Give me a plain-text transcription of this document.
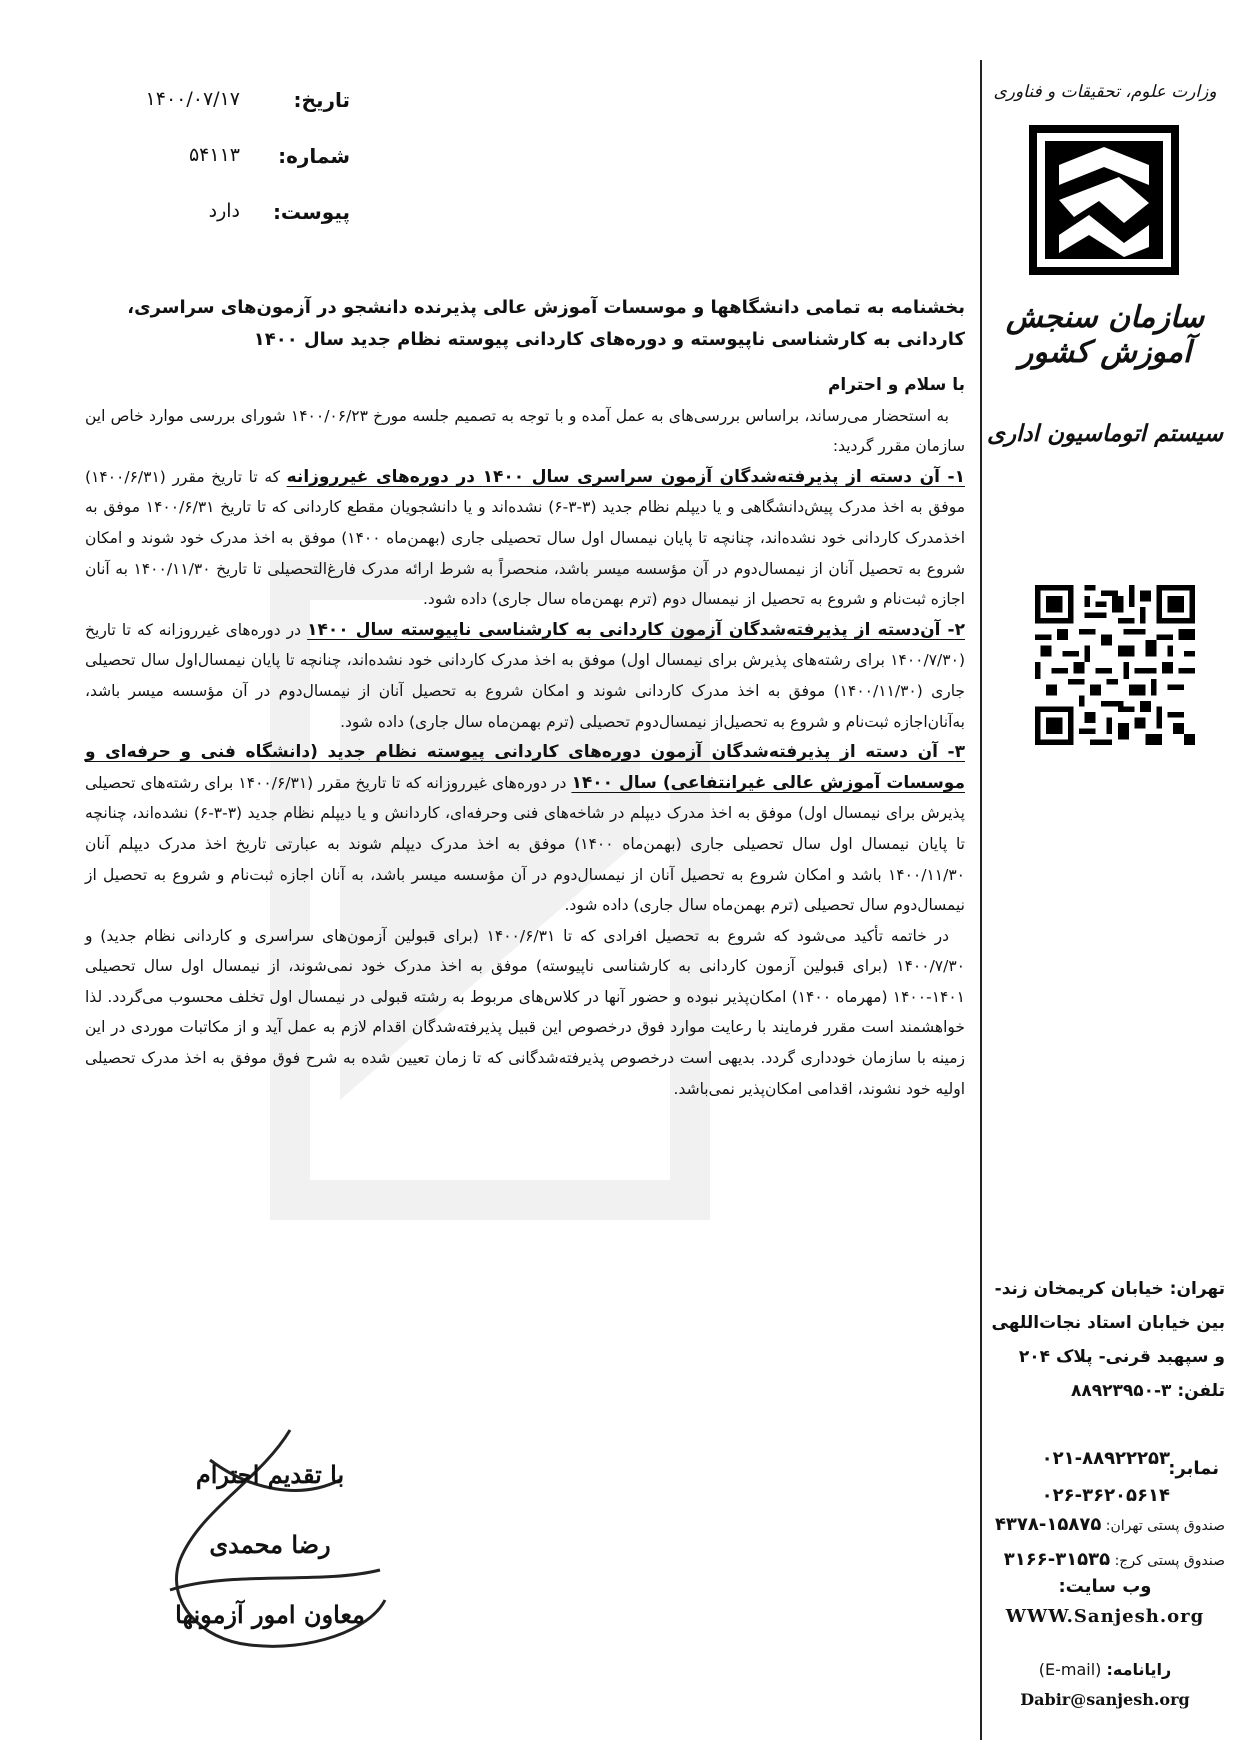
تاریخ:
۱۴۰۰/۰۷/۱۷
شماره:
۵۴۱۱۳
پیوست:
دارد

بخشنامه به تمامی دانشگاهها و موسسات آموزش عالی پذیرنده دانشجو در آزمون‌های سراسری، کاردانی به کارشناسی ناپیوسته و دوره‌های کاردانی پیوسته نظام جدید سال ۱۴۰۰

با سلام و احترام

به استحضار می‌رساند، براساس بررسی‌های به عمل آمده و با توجه به تصمیم جلسه مورخ ۱۴۰۰/۰۶/۲۳ شورای بررسی موارد خاص این سازمان مقرر گردید:

۱- آن دسته از پذیرفته‌شدگان آزمون سراسری سال ۱۴۰۰ در دوره‌های غیرروزانه که تا تاریخ مقرر (۱۴۰۰/۶/۳۱) موفق به اخذ مدرک پیش‌دانشگاهی و یا دیپلم نظام جدید (۳-۳-۶) نشده‌اند و یا دانشجویان مقطع کاردانی که تا تاریخ ۱۴۰۰/۶/۳۱ موفق به اخذمدرک کاردانی خود نشده‌اند، چنانچه تا پایان نیمسال اول سال تحصیلی جاری (بهمن‌ماه ۱۴۰۰) موفق به اخذ مدرک خود شوند و امکان شروع به تحصیل آنان از نیمسال‌دوم در آن مؤسسه میسر باشد، منحصراً به شرط ارائه مدرک فارغ‌التحصیلی تا تاریخ ۱۴۰۰/۱۱/۳۰ به آنان اجازه ثبت‌نام و شروع به تحصیل از نیمسال دوم (ترم بهمن‌ماه سال جاری) داده شود.

۲- آن‌دسته از پذیرفته‌شدگان آزمون کاردانی به کارشناسی ناپیوسته سال ۱۴۰۰ در دوره‌های غیرروزانه که تا تاریخ (۱۴۰۰/۷/۳۰ برای رشته‌های پذیرش برای نیمسال اول) موفق به اخذ مدرک کاردانی خود نشده‌اند، چنانچه تا پایان نیمسال‌اول سال تحصیلی جاری (۱۴۰۰/۱۱/۳۰) موفق به اخذ مدرک کاردانی شوند و امکان شروع به تحصیل آنان از نیمسال‌دوم در آن مؤسسه میسر باشد، به‌آنان‌اجازه ثبت‌نام و شروع به تحصیل‌از نیمسال‌دوم تحصیلی (ترم بهمن‌ماه سال جاری) داده شود.

۳- آن دسته از پذیرفته‌شدگان آزمون دوره‌های کاردانی پیوسته نظام جدید (دانشگاه فنی و حرفه‌ای و موسسات آموزش عالی غیرانتفاعی) سال ۱۴۰۰ در دوره‌های غیرروزانه که تا تاریخ مقرر (۱۴۰۰/۶/۳۱ برای رشته‌های تحصیلی پذیرش برای نیمسال اول) موفق به اخذ مدرک دیپلم در شاخه‌های فنی وحرفه‌ای، کاردانش و یا دیپلم نظام جدید (۳-۳-۶) نشده‌اند، چنانچه تا پایان نیمسال اول سال تحصیلی جاری (بهمن‌ماه ۱۴۰۰) موفق به اخذ مدرک دیپلم شوند به عبارتی تاریخ اخذ مدرک دیپلم آنان ۱۴۰۰/۱۱/۳۰ باشد و امکان شروع به تحصیل آنان از نیمسال‌دوم در آن مؤسسه میسر باشد، به آنان اجازه ثبت‌نام و شروع به تحصیل از نیمسال‌دوم سال تحصیلی (ترم بهمن‌ماه سال جاری) داده شود.

در خاتمه تأکید می‌شود که شروع به تحصیل افرادی که تا ۱۴۰۰/۶/۳۱ (برای قبولین آزمون‌های سراسری و کاردانی نظام جدید) و ۱۴۰۰/۷/۳۰ (برای قبولین آزمون کاردانی به کارشناسی ناپیوسته) موفق به اخذ مدرک خود نمی‌شوند، از نیمسال اول سال تحصیلی ۱۴۰۱-۱۴۰۰ (مهرماه ۱۴۰۰) امکان‌پذیر نبوده و حضور آنها در کلاس‌های مربوط به رشته قبولی در نیمسال اول تخلف محسوب می‌گردد. لذا خواهشمند است مقرر فرمایند با رعایت موارد فوق درخصوص این قبیل پذیرفته‌شدگان اقدام لازم به عمل آید و از مکاتبات موردی در این زمینه با سازمان خودداری گردد. بدیهی است درخصوص پذیرفته‌شدگانی که تا زمان تعیین شده به شرح فوق موفق به اخذ مدرک تحصیلی اولیه خود نشوند، اقدامی امکان‌پذیر نمی‌باشد.

با تقدیم احترام
رضا محمدی
معاون امور آزمونها
وزارت علوم، تحقیقات و فناوری
سازمان سنجش آموزش کشور
سیستم اتوماسیون اداری
تهران: خیابان کریمخان زند-
بین خیابان استاد نجات‌اللهی
و سپهبد قرنی- پلاک ۲۰۴
تلفن: ۳-۸۸۹۲۳۹۵۰
نمابر:
۰۲۱-۸۸۹۲۲۲۵۳
۰۲۶-۳۶۲۰۵۶۱۴
صندوق پستی تهران: ۱۵۸۷۵-۴۳۷۸
صندوق پستی کرج: ۳۱۵۳۵-۳۱۶۶
وب سایت:
WWW.Sanjesh.org
رایانامه: (E-mail)
Dabir@sanjesh.org
